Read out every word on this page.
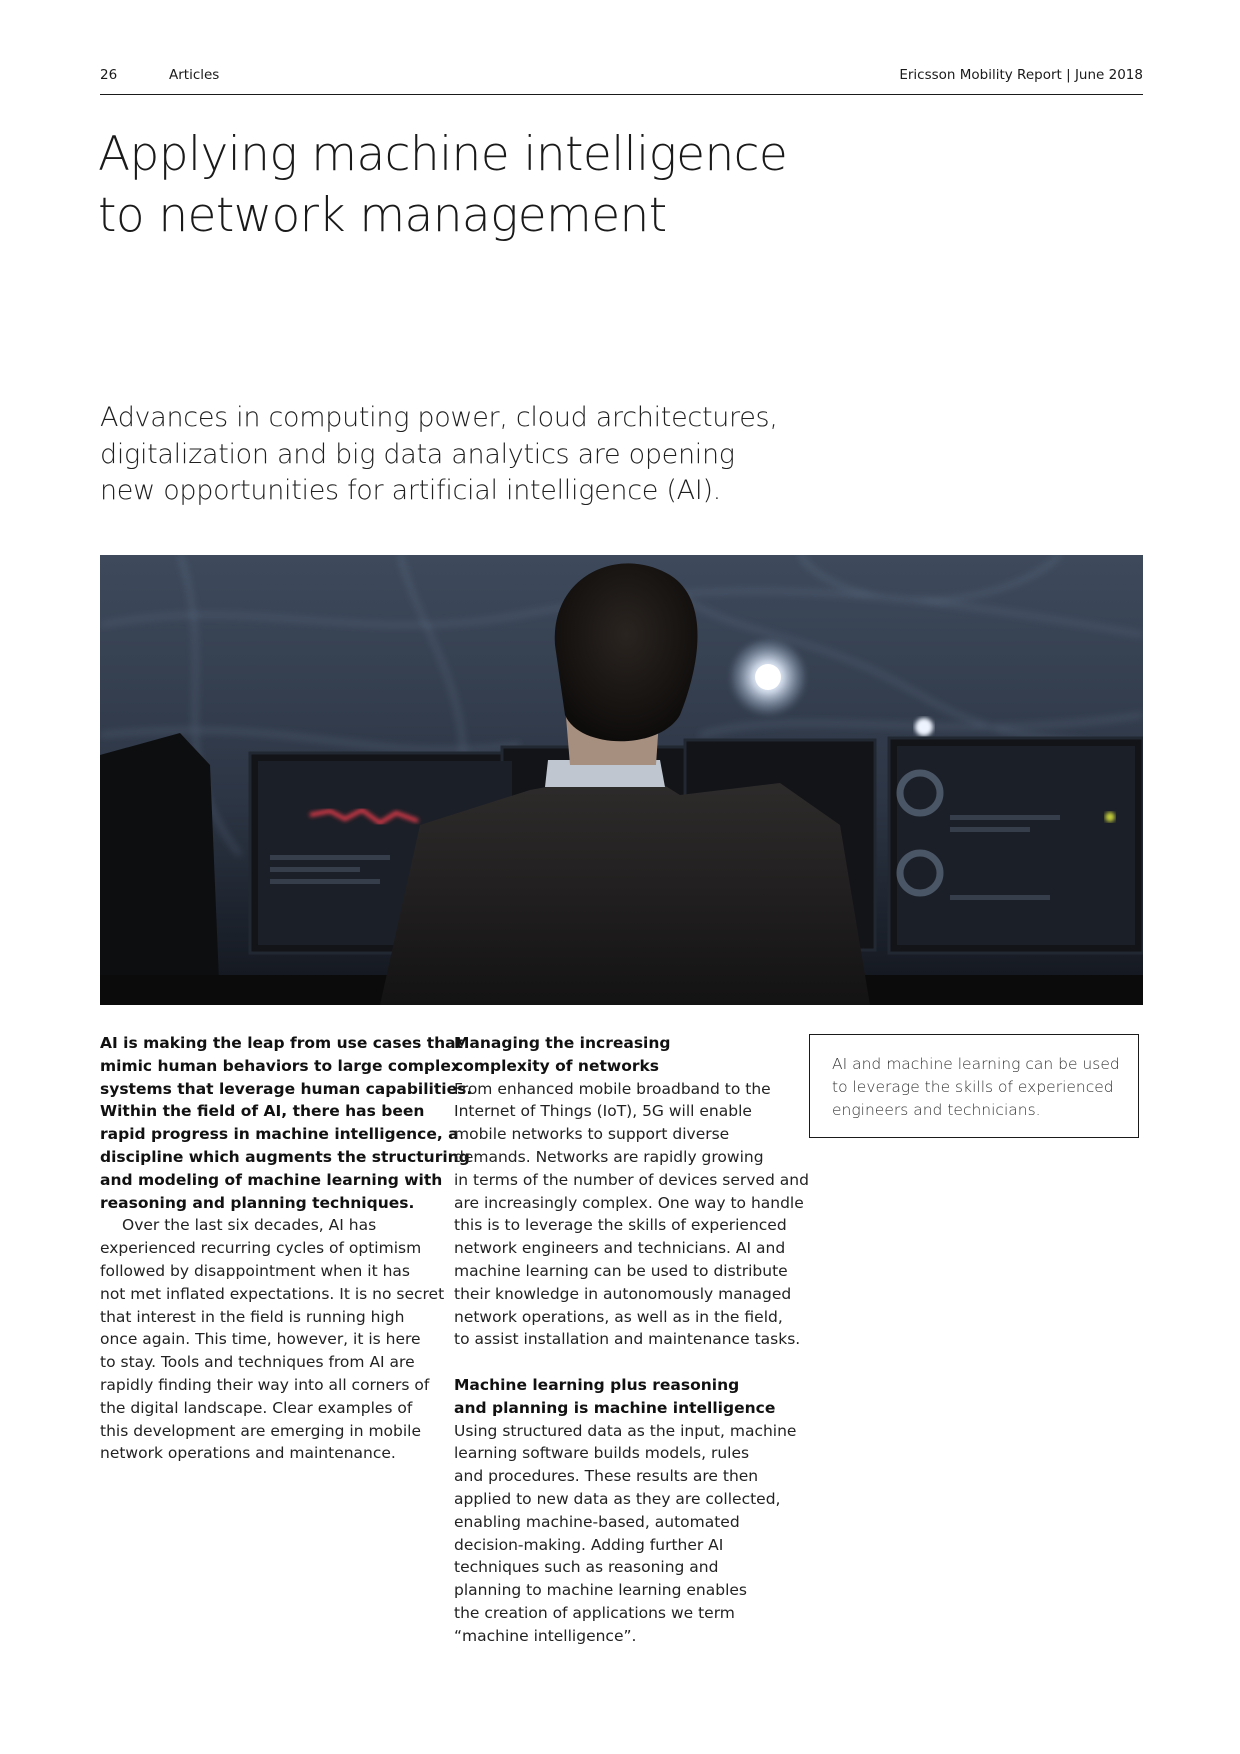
26	Articles	Ericsson Mobility Report | June 2018
Applying machine intelligence
to network management

Advances in computing power, cloud architectures,
digitalization and big data analytics are opening
new opportunities for artificial intelligence (AI).

AI is making the leap from use cases that
mimic human behaviors to large complex
systems that leverage human capabilities.
Within the field of AI, there has been
rapid progress in machine intelligence, a
discipline which augments the structuring
and modeling of machine learning with
reasoning and planning techniques.
Over the last six decades, AI has
experienced recurring cycles of optimism
followed by disappointment when it has
not met inflated expectations. It is no secret
that interest in the field is running high
once again. This time, however, it is here
to stay. Tools and techniques from AI are
rapidly finding their way into all corners of
the digital landscape. Clear examples of
this development are emerging in mobile
network operations and maintenance.
Managing the increasing
complexity of networks
From enhanced mobile broadband to the
Internet of Things (IoT), 5G will enable
mobile networks to support diverse
demands. Networks are rapidly growing
in terms of the number of devices served and
are increasingly complex. One way to handle
this is to leverage the skills of experienced
network engineers and technicians. AI and
machine learning can be used to distribute
their knowledge in autonomously managed
network operations, as well as in the field,
to assist installation and maintenance tasks.
Machine learning plus reasoning
and planning is machine intelligence
Using structured data as the input, machine
learning software builds models, rules
and procedures. These results are then
applied to new data as they are collected,
enabling machine-based, automated
decision-making. Adding further AI
techniques such as reasoning and
planning to machine learning enables
the creation of applications we term
“machine intelligence”.
AI and machine learning can be used
to leverage the skills of experienced
engineers and technicians.
